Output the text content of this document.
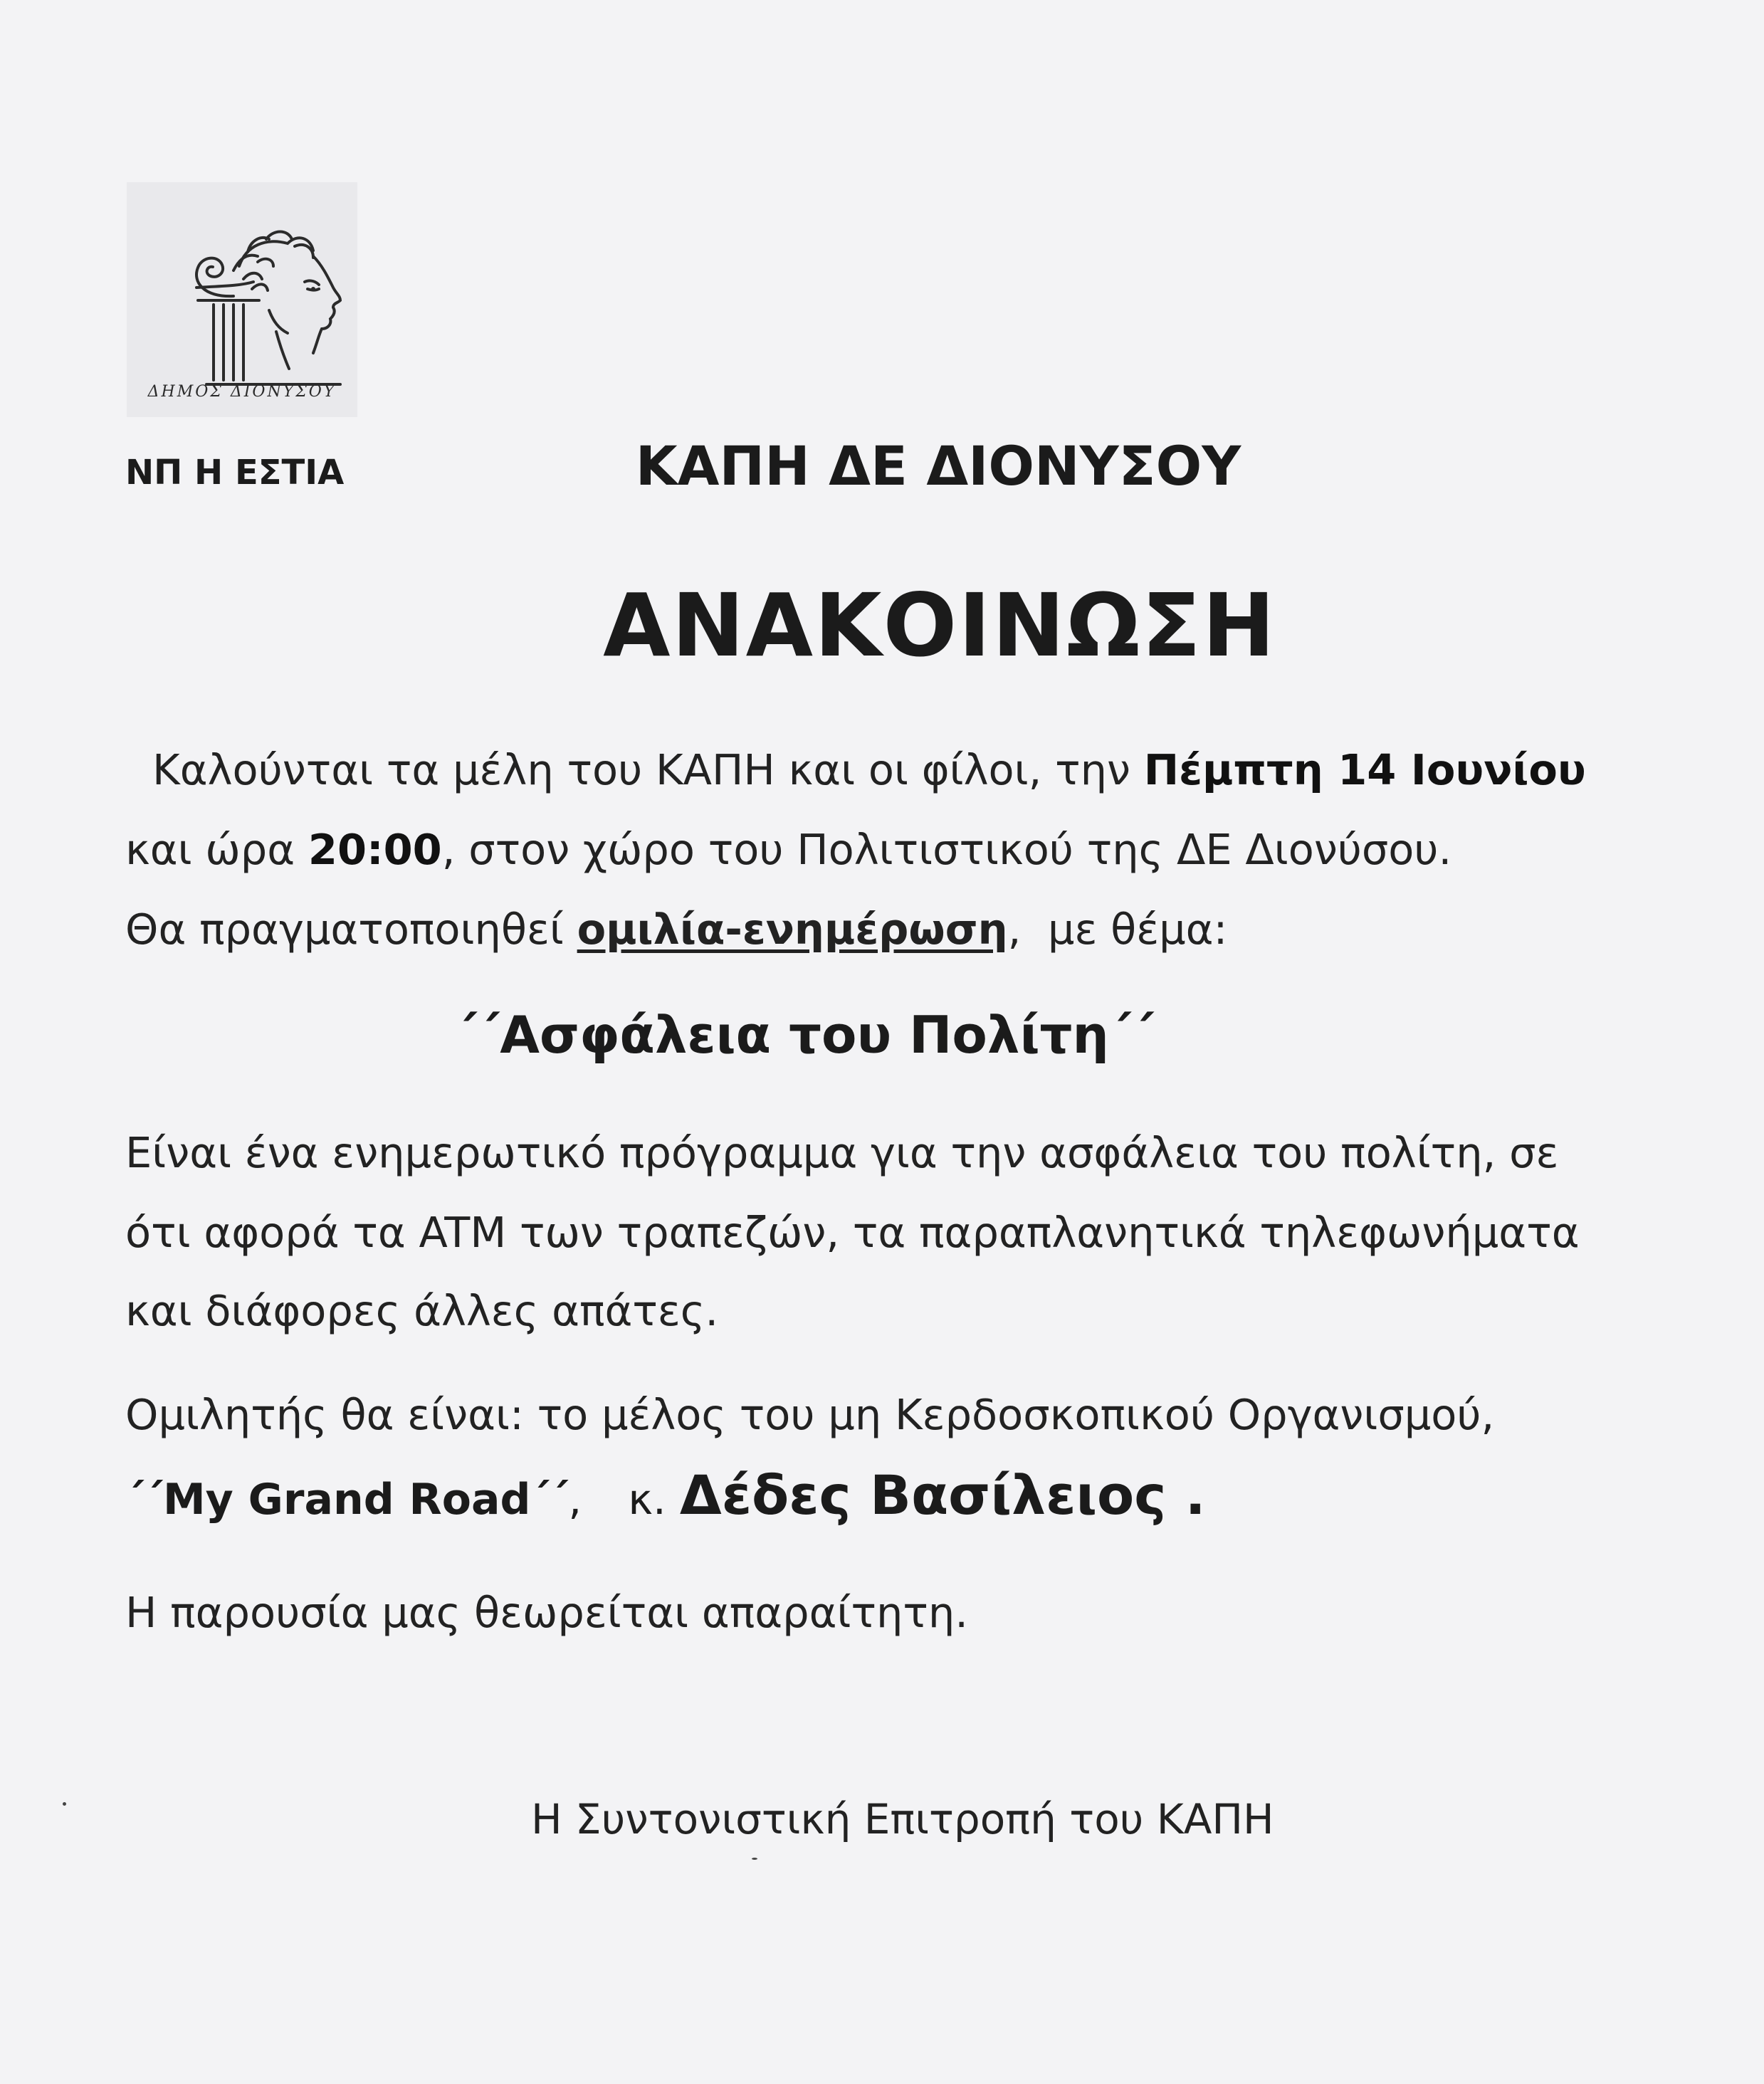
ΔΗΜΟΣ ΔΙΟΝΥΣΟΥ
ΝΠ Η ΕΣΤΙΑ	ΚΑΠΗ ΔΕ ΔΙΟΝΥΣΟΥ
ΑΝΑΚΟΙΝΩΣΗ
Καλούνται τα μέλη του ΚΑΠΗ και οι φίλοι, την Πέμπτη 14 Ιουνίου
και ώρα 20:00, στον χώρο του Πολιτιστικού της ΔΕ Διονύσου.
Θα πραγματοποιηθεί ομιλία-ενημέρωση,  με θέμα:
΄΄Ασφάλεια του Πολίτη΄΄
Είναι ένα ενημερωτικό πρόγραμμα για την ασφάλεια του πολίτη, σε
ότι αφορά τα ATM των τραπεζών, τα παραπλανητικά τηλεφωνήματα
και διάφορες άλλες απάτες.
Ομιλητής θα είναι: το μέλος του μη Κερδοσκοπικού Οργανισμού,
΄΄My Grand Road΄΄, κ. Δέδες Βασίλειος .
Η παρουσία μας θεωρείται απαραίτητη.
Η Συντονιστική Επιτροπή του ΚΑΠΗ
